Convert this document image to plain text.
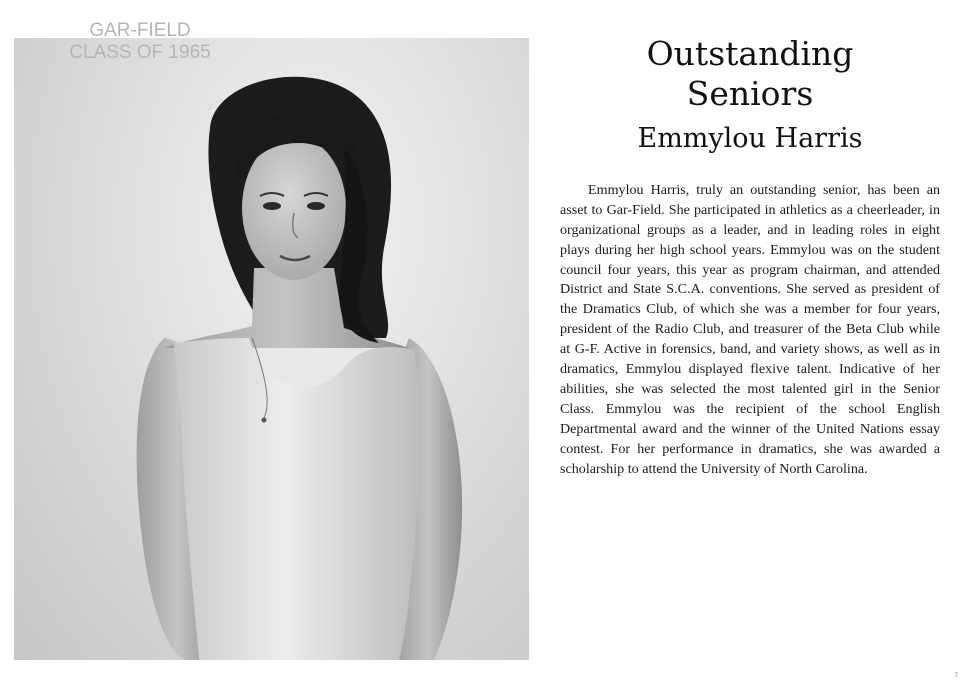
GAR-FIELD
CLASS OF 1965	Outstanding
Seniors
Emmylou Harris

Emmylou Harris, truly an outstanding senior, has been an asset to Gar-Field. She participated in athletics as a cheerleader, in organizational groups as a leader, and in leading roles in eight plays during her high school years. Emmylou was on the student council four years, this year as program chairman, and attended District and State S.C.A. conventions. She served as president of the Dramatics Club, of which she was a member for four years, president of the Radio Club, and treasurer of the Beta Club while at G-F. Active in forensics, band, and variety shows, as well as in dramatics, Emmylou displayed flexive talent. Indicative of her abilities, she was selected the most talented girl in the Senior Class. Emmylou was the recipient of the school English Departmental award and the winner of the United Nations essay contest. For her performance in dramatics, she was awarded a scholarship to attend the University of North Carolina.

т
